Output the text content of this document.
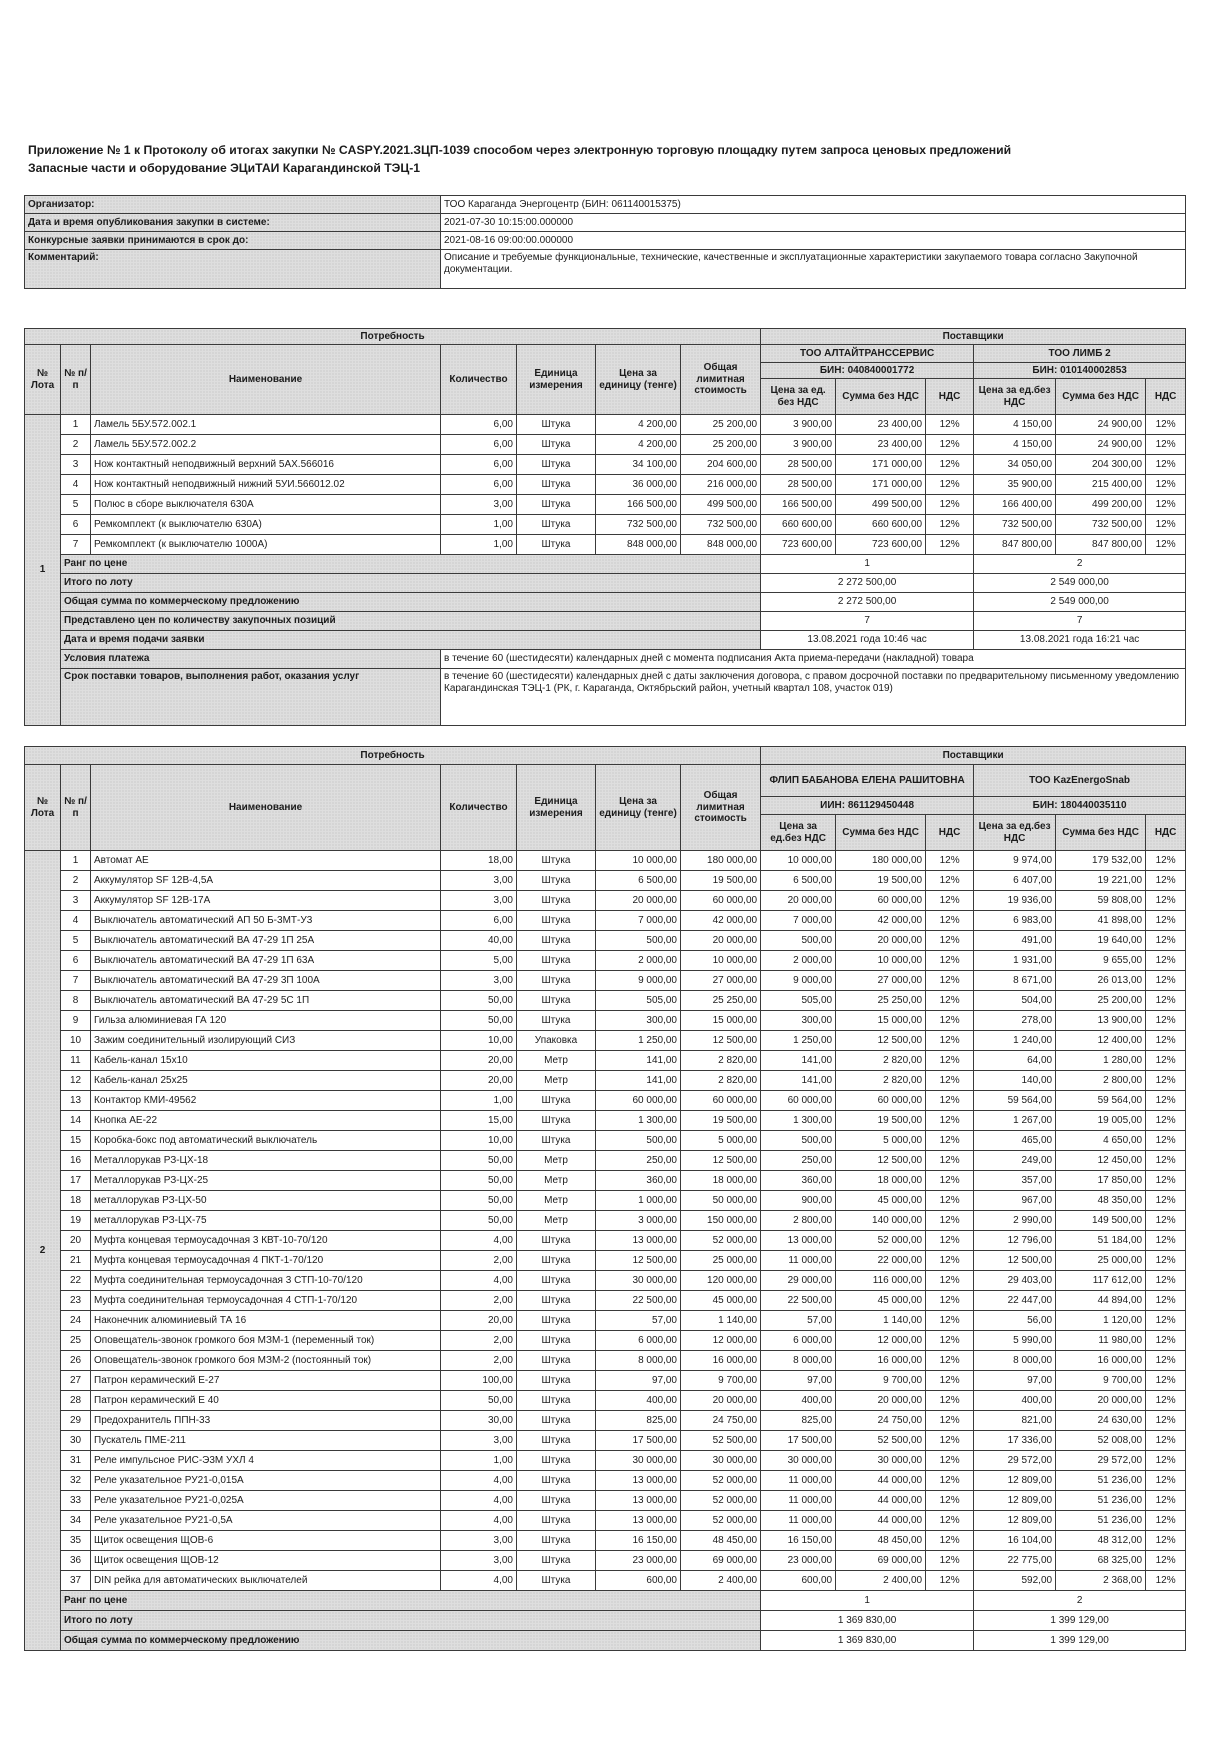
Приложение № 1 к Протоколу об итогах закупки № CASPY.2021.ЗЦП-1039 способом через электронную торговую площадку путем запроса ценовых предложений
Запасные части и оборудование ЭЦиТАИ Карагандинской ТЭЦ-1
Организатор:	ТОО Караганда Энергоцентр (БИН: 061140015375)
Дата и время опубликования закупки в системе:	2021-07-30 10:15:00.000000
Конкурсные заявки принимаются в срок до:	2021-08-16 09:00:00.000000
Комментарий:	Описание и требуемые функциональные, технические, качественные и эксплуатационные характеристики закупаемого товара согласно Закупочной документации.
Потребность							Поставщики					
№ Лота	№ п/п	Наименование	Количество	Единица измерения	Цена за единицу (тенге)	Общая лимитная стоимость	ТОО АЛТАЙТРАНССЕРВИС			ТОО ЛИМБ 2		
							БИН: 040840001772			БИН: 010140002853		
							Цена за ед. без НДС	Сумма без НДС	НДС	Цена за ед.без НДС	Сумма без НДС	НДС
1	1	Ламель 5БУ.572.002.1	6,00	Штука	4 200,00	25 200,00	3 900,00	23 400,00	12%	4 150,00	24 900,00	12%
	2	Ламель 5БУ.572.002.2	6,00	Штука	4 200,00	25 200,00	3 900,00	23 400,00	12%	4 150,00	24 900,00	12%
	3	Нож контактный неподвижный верхний 5АХ.566016	6,00	Штука	34 100,00	204 600,00	28 500,00	171 000,00	12%	34 050,00	204 300,00	12%
	4	Нож контактный неподвижный нижний 5УИ.566012.02	6,00	Штука	36 000,00	216 000,00	28 500,00	171 000,00	12%	35 900,00	215 400,00	12%
	5	Полюс в сборе выключателя 630А	3,00	Штука	166 500,00	499 500,00	166 500,00	499 500,00	12%	166 400,00	499 200,00	12%
	6	Ремкомплект (к выключателю 630А)	1,00	Штука	732 500,00	732 500,00	660 600,00	660 600,00	12%	732 500,00	732 500,00	12%
	7	Ремкомплект (к выключателю 1000А)	1,00	Штука	848 000,00	848 000,00	723 600,00	723 600,00	12%	847 800,00	847 800,00	12%
	Ранг по цене						1			2		
	Итого по лоту						2 272 500,00			2 549 000,00		
	Общая сумма по коммерческому предложению						2 272 500,00			2 549 000,00		
	Представлено цен по количеству закупочных позиций						7			7		
	Дата и время подачи заявки						13.08.2021 года 10:46 час			13.08.2021 года 16:21 час		
	Условия платежа		в течение 60 (шестидесяти) календарных дней с момента подписания Акта приема-передачи (накладной) товара									

	Срок поставки товаров, выполнения работ, оказания услуг		в течение 60 (шестидесяти) календарных дней с даты заключения договора, с правом досрочной поставки по предварительному письменному уведомлению
Карагандинская ТЭЦ-1 (РК, г. Караганда, Октябрьский район, учетный квартал 108, участок 019)									
Потребность							Поставщики					
№ Лота	№ п/п	Наименование	Количество	Единица измерения	Цена за единицу (тенге)	Общая лимитная стоимость	ФЛИП БАБАНОВА ЕЛЕНА РАШИТОВНА			ТОО KazEnergoSnab		
							ИИН: 861129450448			БИН: 180440035110		
							Цена за ед.без НДС	Сумма без НДС	НДС	Цена за ед.без НДС	Сумма без НДС	НДС
2	1	Автомат АЕ	18,00	Штука	10 000,00	180 000,00	10 000,00	180 000,00	12%	9 974,00	179 532,00	12%
	2	Аккумулятор SF 12B-4,5A	3,00	Штука	6 500,00	19 500,00	6 500,00	19 500,00	12%	6 407,00	19 221,00	12%
	3	Аккумулятор SF 12B-17A	3,00	Штука	20 000,00	60 000,00	20 000,00	60 000,00	12%	19 936,00	59 808,00	12%
	4	Выключатель автоматический АП 50 Б-3МТ-У3	6,00	Штука	7 000,00	42 000,00	7 000,00	42 000,00	12%	6 983,00	41 898,00	12%
	5	Выключатель автоматический ВА 47-29 1П 25А	40,00	Штука	500,00	20 000,00	500,00	20 000,00	12%	491,00	19 640,00	12%
	6	Выключатель автоматический ВА 47-29 1П 63А	5,00	Штука	2 000,00	10 000,00	2 000,00	10 000,00	12%	1 931,00	9 655,00	12%
	7	Выключатель автоматический ВА 47-29 3П 100А	3,00	Штука	9 000,00	27 000,00	9 000,00	27 000,00	12%	8 671,00	26 013,00	12%
	8	Выключатель автоматический ВА 47-29 5С 1П	50,00	Штука	505,00	25 250,00	505,00	25 250,00	12%	504,00	25 200,00	12%
	9	Гильза алюминиевая ГА 120	50,00	Штука	300,00	15 000,00	300,00	15 000,00	12%	278,00	13 900,00	12%
	10	Зажим соединительный изолирующий СИЗ	10,00	Упаковка	1 250,00	12 500,00	1 250,00	12 500,00	12%	1 240,00	12 400,00	12%
	11	Кабель-канал 15х10	20,00	Метр	141,00	2 820,00	141,00	2 820,00	12%	64,00	1 280,00	12%
	12	Кабель-канал 25х25	20,00	Метр	141,00	2 820,00	141,00	2 820,00	12%	140,00	2 800,00	12%
	13	Контактор КМИ-49562	1,00	Штука	60 000,00	60 000,00	60 000,00	60 000,00	12%	59 564,00	59 564,00	12%
	14	Кнопка АЕ-22	15,00	Штука	1 300,00	19 500,00	1 300,00	19 500,00	12%	1 267,00	19 005,00	12%
	15	Коробка-бокс под автоматический выключатель	10,00	Штука	500,00	5 000,00	500,00	5 000,00	12%	465,00	4 650,00	12%
	16	Металлорукав РЗ-ЦХ-18	50,00	Метр	250,00	12 500,00	250,00	12 500,00	12%	249,00	12 450,00	12%
	17	Металлорукав РЗ-ЦХ-25	50,00	Метр	360,00	18 000,00	360,00	18 000,00	12%	357,00	17 850,00	12%
	18	металлорукав РЗ-ЦХ-50	50,00	Метр	1 000,00	50 000,00	900,00	45 000,00	12%	967,00	48 350,00	12%
	19	металлорукав РЗ-ЦХ-75	50,00	Метр	3 000,00	150 000,00	2 800,00	140 000,00	12%	2 990,00	149 500,00	12%
	20	Муфта концевая термоусадочная 3 КВТ-10-70/120	4,00	Штука	13 000,00	52 000,00	13 000,00	52 000,00	12%	12 796,00	51 184,00	12%
	21	Муфта концевая термоусадочная 4 ПКТ-1-70/120	2,00	Штука	12 500,00	25 000,00	11 000,00	22 000,00	12%	12 500,00	25 000,00	12%
	22	Муфта соединительная термоусадочная 3 СТП-10-70/120	4,00	Штука	30 000,00	120 000,00	29 000,00	116 000,00	12%	29 403,00	117 612,00	12%
	23	Муфта соединительная термоусадочная 4 СТП-1-70/120	2,00	Штука	22 500,00	45 000,00	22 500,00	45 000,00	12%	22 447,00	44 894,00	12%
	24	Наконечник алюминиевый ТА 16	20,00	Штука	57,00	1 140,00	57,00	1 140,00	12%	56,00	1 120,00	12%
	25	Оповещатель-звонок громкого боя МЗМ-1 (переменный ток)	2,00	Штука	6 000,00	12 000,00	6 000,00	12 000,00	12%	5 990,00	11 980,00	12%
	26	Оповещатель-звонок громкого боя МЗМ-2 (постоянный ток)	2,00	Штука	8 000,00	16 000,00	8 000,00	16 000,00	12%	8 000,00	16 000,00	12%
	27	Патрон керамический Е-27	100,00	Штука	97,00	9 700,00	97,00	9 700,00	12%	97,00	9 700,00	12%
	28	Патрон керамический Е 40	50,00	Штука	400,00	20 000,00	400,00	20 000,00	12%	400,00	20 000,00	12%
	29	Предохранитель ППН-33	30,00	Штука	825,00	24 750,00	825,00	24 750,00	12%	821,00	24 630,00	12%
	30	Пускатель ПМЕ-211	3,00	Штука	17 500,00	52 500,00	17 500,00	52 500,00	12%	17 336,00	52 008,00	12%
	31	Реле импульсное РИС-Э3М УХЛ 4	1,00	Штука	30 000,00	30 000,00	30 000,00	30 000,00	12%	29 572,00	29 572,00	12%
	32	Реле указательное РУ21-0,015А	4,00	Штука	13 000,00	52 000,00	11 000,00	44 000,00	12%	12 809,00	51 236,00	12%
	33	Реле указательное РУ21-0,025А	4,00	Штука	13 000,00	52 000,00	11 000,00	44 000,00	12%	12 809,00	51 236,00	12%
	34	Реле указательное РУ21-0,5А	4,00	Штука	13 000,00	52 000,00	11 000,00	44 000,00	12%	12 809,00	51 236,00	12%
	35	Щиток освещения ЩОВ-6	3,00	Штука	16 150,00	48 450,00	16 150,00	48 450,00	12%	16 104,00	48 312,00	12%
	36	Щиток освещения ЩОВ-12	3,00	Штука	23 000,00	69 000,00	23 000,00	69 000,00	12%	22 775,00	68 325,00	12%
	37	DIN рейка для автоматических выключателей	4,00	Штука	600,00	2 400,00	600,00	2 400,00	12%	592,00	2 368,00	12%
	Ранг по цене						1			2		
	Итого по лоту						1 369 830,00			1 399 129,00		
	Общая сумма по коммерческому предложению						1 369 830,00			1 399 129,00		
